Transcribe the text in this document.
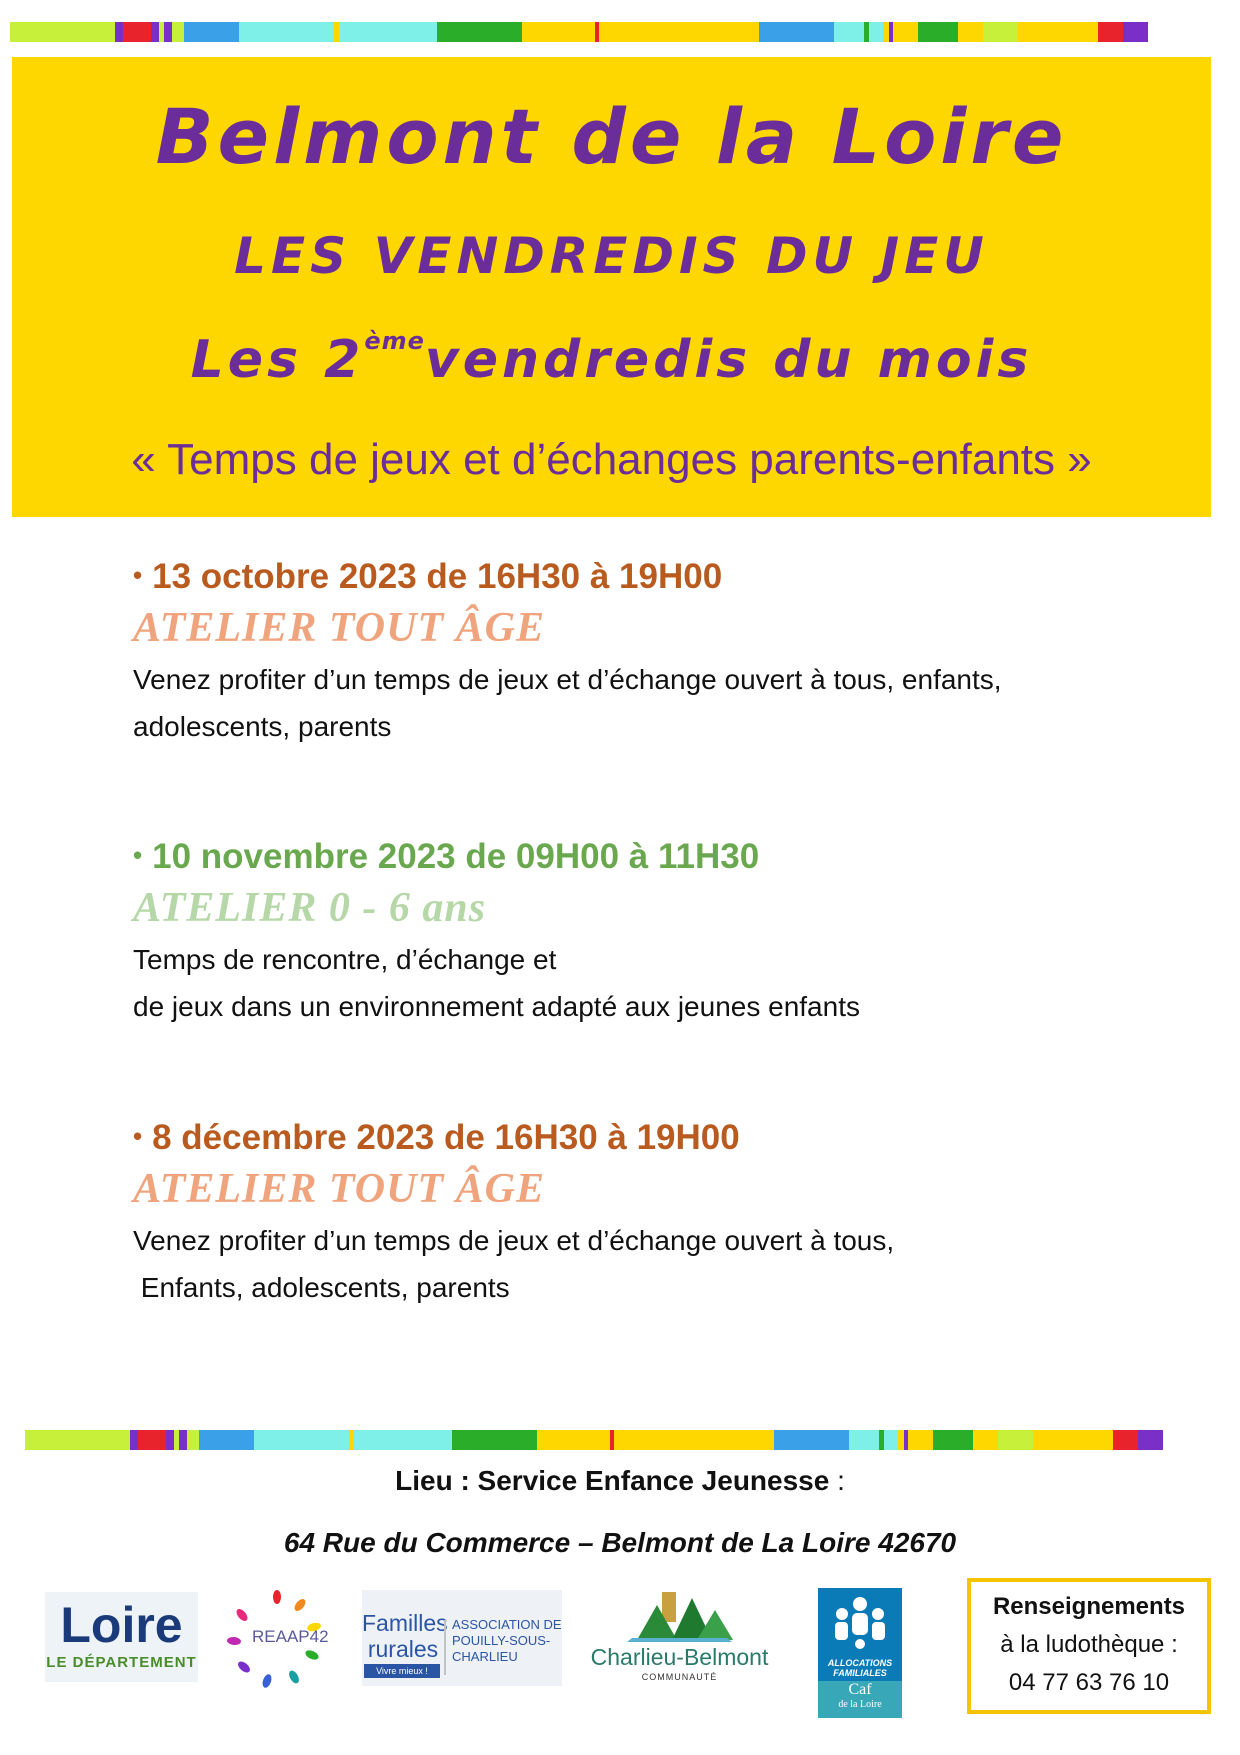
Belmont de la Loire
LES VENDREDIS DU JEU
Les 2èmevendredis du mois
« Temps de jeux et d’échanges parents-enfants »
• 13 octobre 2023 de 16H30 à 19H00
ATELIER TOUT ÂGE
Venez profiter d’un temps de jeux et d’échange ouvert à tous, enfants,
adolescents, parents
• 10 novembre 2023 de 09H00 à 11H30
ATELIER 0 - 6 ans
Temps de rencontre, d’échange et
de jeux dans un environnement adapté aux jeunes enfants
• 8 décembre 2023 de 16H30 à 19H00
ATELIER TOUT ÂGE
Venez profiter d’un temps de jeux et d’échange ouvert à tous,
Enfants, adolescents, parents
Lieu : Service Enfance Jeunesse :
64 Rue du Commerce – Belmont de La Loire 42670
Loire
LE DÉPARTEMENT
REAAP42
Familles rurales
ASSOCIATION DE POUILLY-SOUS-CHARLIEU
Vivre mieux !
Charlieu-Belmont
COMMUNAUTÉ
ALLOCATIONS FAMILIALES
Caf
de la Loire
Renseignements
à la ludothèque :
04 77 63 76 10
